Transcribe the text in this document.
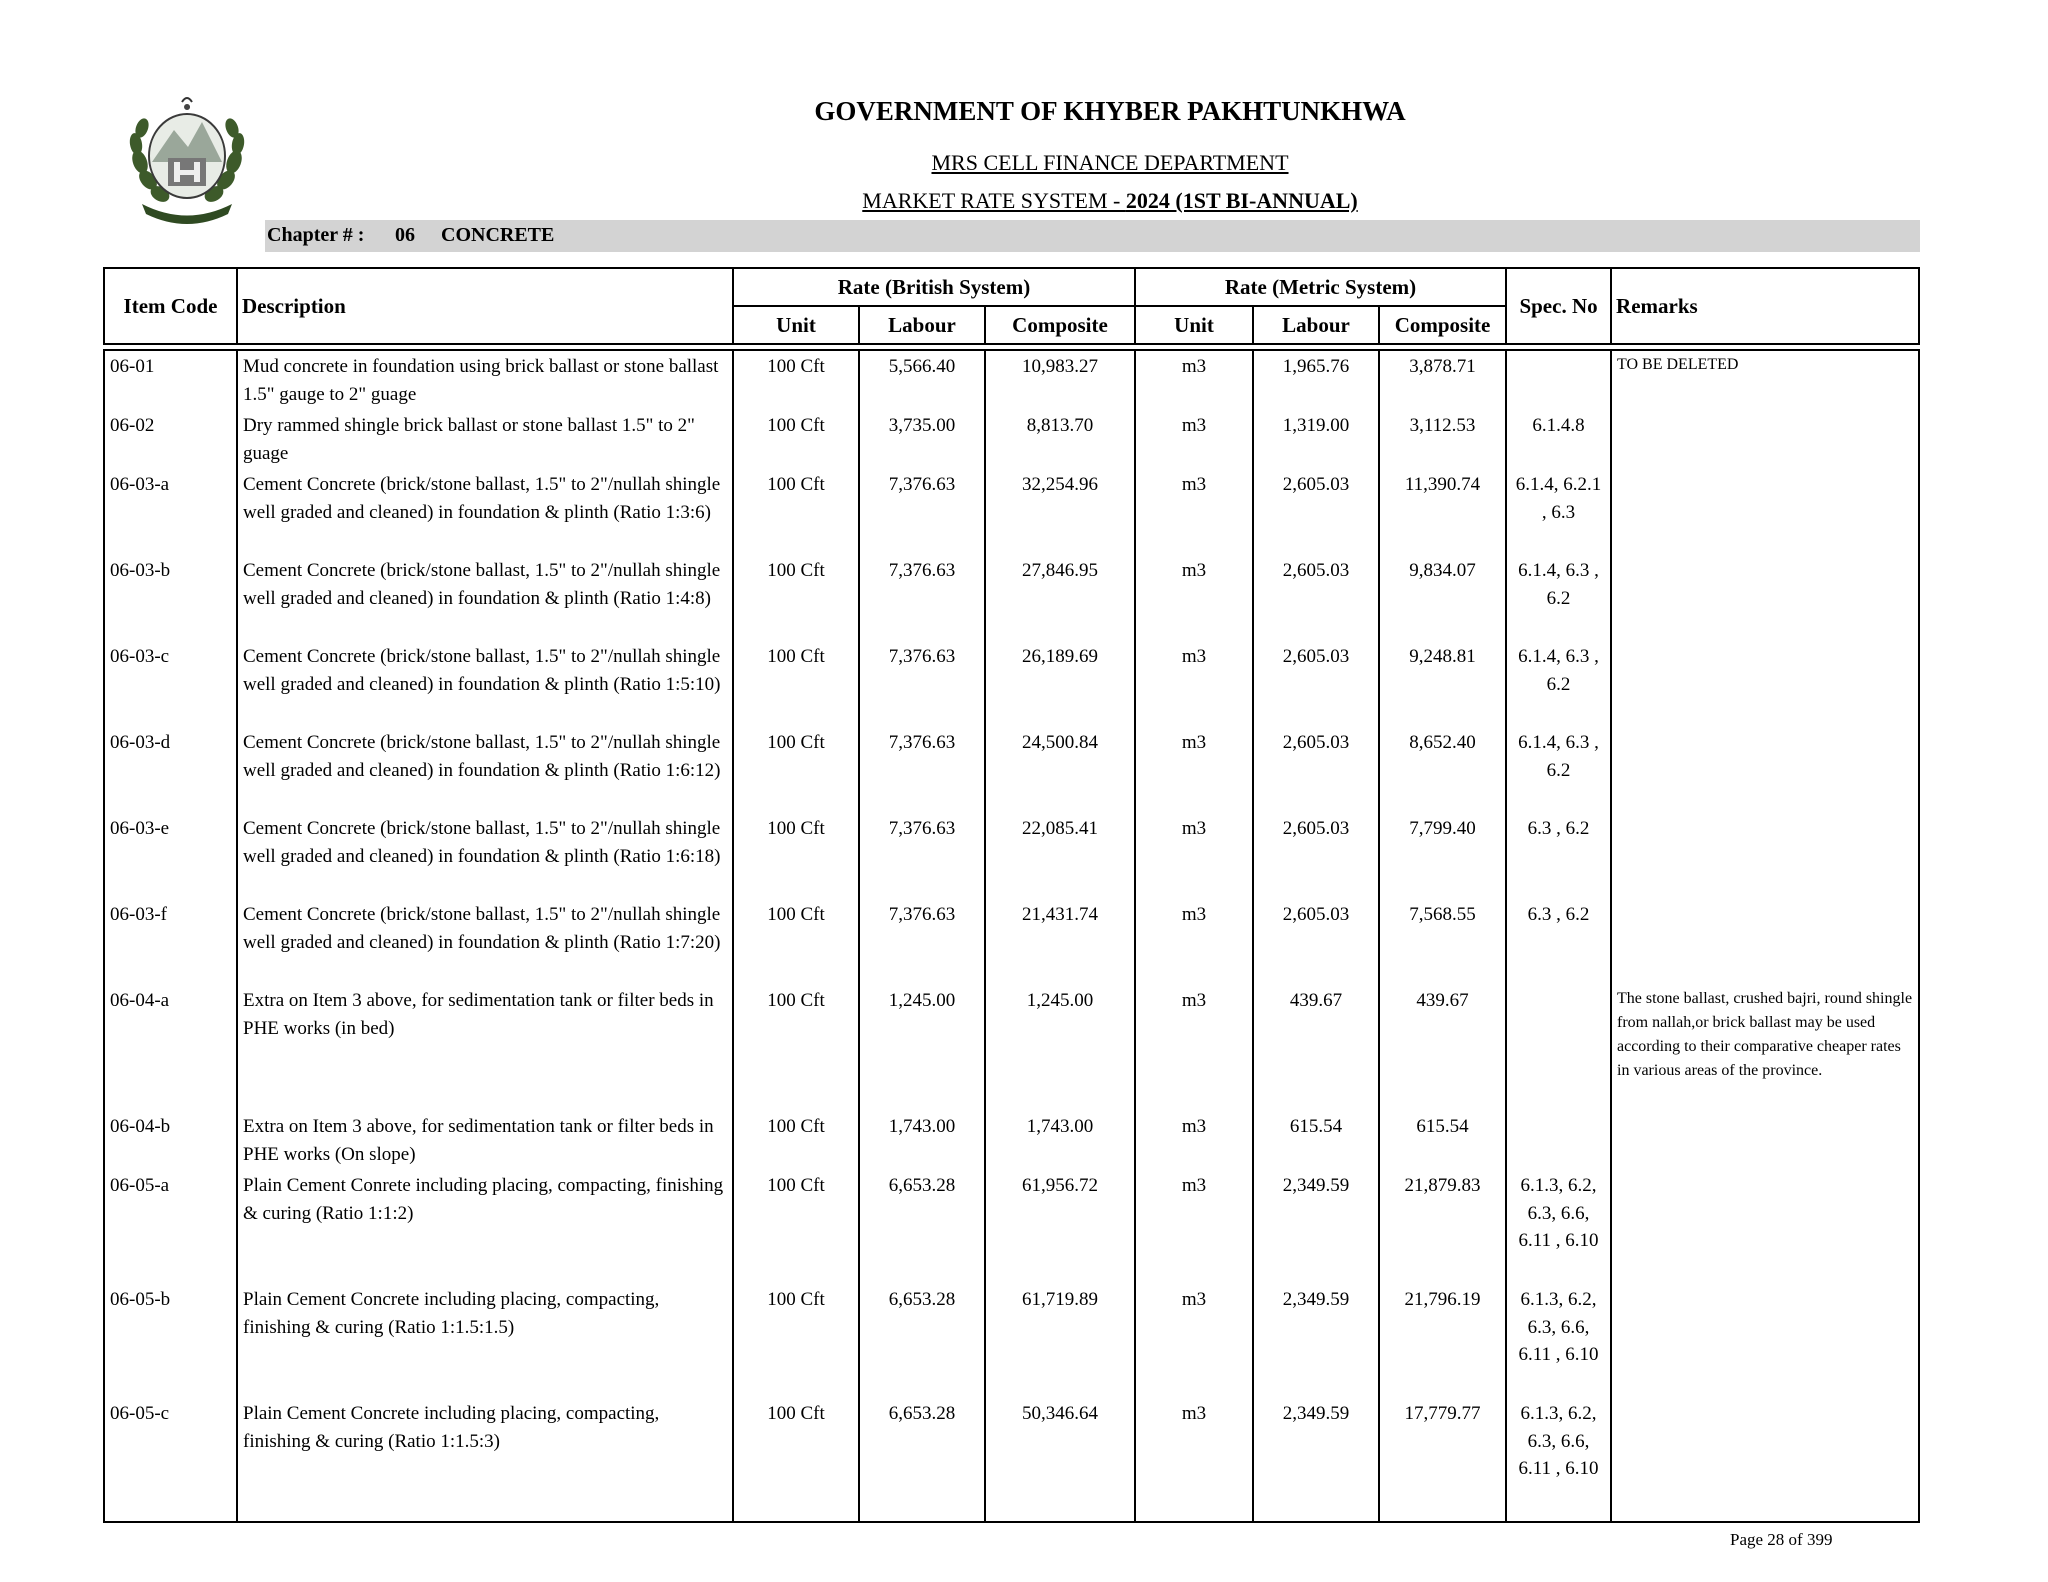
GOVERNMENT OF KHYBER PAKHTUNKHWA
MRS CELL FINANCE DEPARTMENT
MARKET RATE SYSTEM - 2024 (1ST BI-ANNUAL)
Chapter # : 06 CONCRETE
Item Code	Description	Rate (British System)			Rate (Metric System)			Spec. No	Remarks
		Unit	Labour	Composite	Unit	Labour	Composite		
06-01	Mud concrete in foundation using brick ballast or stone ballast 1.5" gauge to 2" guage	100 Cft	5,566.40	10,983.27	m3	1,965.76	3,878.71		TO BE DELETED
06-02	Dry rammed shingle brick ballast or stone ballast 1.5" to 2" guage	100 Cft	3,735.00	8,813.70	m3	1,319.00	3,112.53	6.1.4.8	
06-03-a	Cement Concrete (brick/stone ballast, 1.5" to 2"/nullah shingle well graded and cleaned) in foundation & plinth (Ratio 1:3:6)	100 Cft	7,376.63	32,254.96	m3	2,605.03	11,390.74	6.1.4, 6.2.1 , 6.3	
06-03-b	Cement Concrete (brick/stone ballast, 1.5" to 2"/nullah shingle well graded and cleaned) in foundation & plinth (Ratio 1:4:8)	100 Cft	7,376.63	27,846.95	m3	2,605.03	9,834.07	6.1.4, 6.3 , 6.2	
06-03-c	Cement Concrete (brick/stone ballast, 1.5" to 2"/nullah shingle well graded and cleaned) in foundation & plinth (Ratio 1:5:10)	100 Cft	7,376.63	26,189.69	m3	2,605.03	9,248.81	6.1.4, 6.3 , 6.2	
06-03-d	Cement Concrete (brick/stone ballast, 1.5" to 2"/nullah shingle well graded and cleaned) in foundation & plinth (Ratio 1:6:12)	100 Cft	7,376.63	24,500.84	m3	2,605.03	8,652.40	6.1.4, 6.3 , 6.2	
06-03-e	Cement Concrete (brick/stone ballast, 1.5" to 2"/nullah shingle well graded and cleaned) in foundation & plinth (Ratio 1:6:18)	100 Cft	7,376.63	22,085.41	m3	2,605.03	7,799.40	6.3 , 6.2	
06-03-f	Cement Concrete (brick/stone ballast, 1.5" to 2"/nullah shingle well graded and cleaned) in foundation & plinth (Ratio 1:7:20)	100 Cft	7,376.63	21,431.74	m3	2,605.03	7,568.55	6.3 , 6.2	
06-04-a	Extra on Item 3 above, for sedimentation tank or filter beds in PHE works (in bed)	100 Cft	1,245.00	1,245.00	m3	439.67	439.67		The stone ballast, crushed bajri, round shingle from nallah,or brick ballast may be used according to their comparative cheaper rates in various areas of the province.
06-04-b	Extra on Item 3 above, for sedimentation tank or filter beds in PHE works (On slope)	100 Cft	1,743.00	1,743.00	m3	615.54	615.54		
06-05-a	Plain Cement Conrete including placing, compacting, finishing & curing (Ratio 1:1:2)	100 Cft	6,653.28	61,956.72	m3	2,349.59	21,879.83	6.1.3, 6.2, 6.3, 6.6, 6.11 , 6.10	
06-05-b	Plain Cement Concrete including placing, compacting, finishing & curing (Ratio 1:1.5:1.5)	100 Cft	6,653.28	61,719.89	m3	2,349.59	21,796.19	6.1.3, 6.2, 6.3, 6.6, 6.11 , 6.10	
06-05-c	Plain Cement Concrete including placing, compacting, finishing & curing (Ratio 1:1.5:3)	100 Cft	6,653.28	50,346.64	m3	2,349.59	17,779.77	6.1.3, 6.2, 6.3, 6.6, 6.11 , 6.10	

Page 28 of 399
